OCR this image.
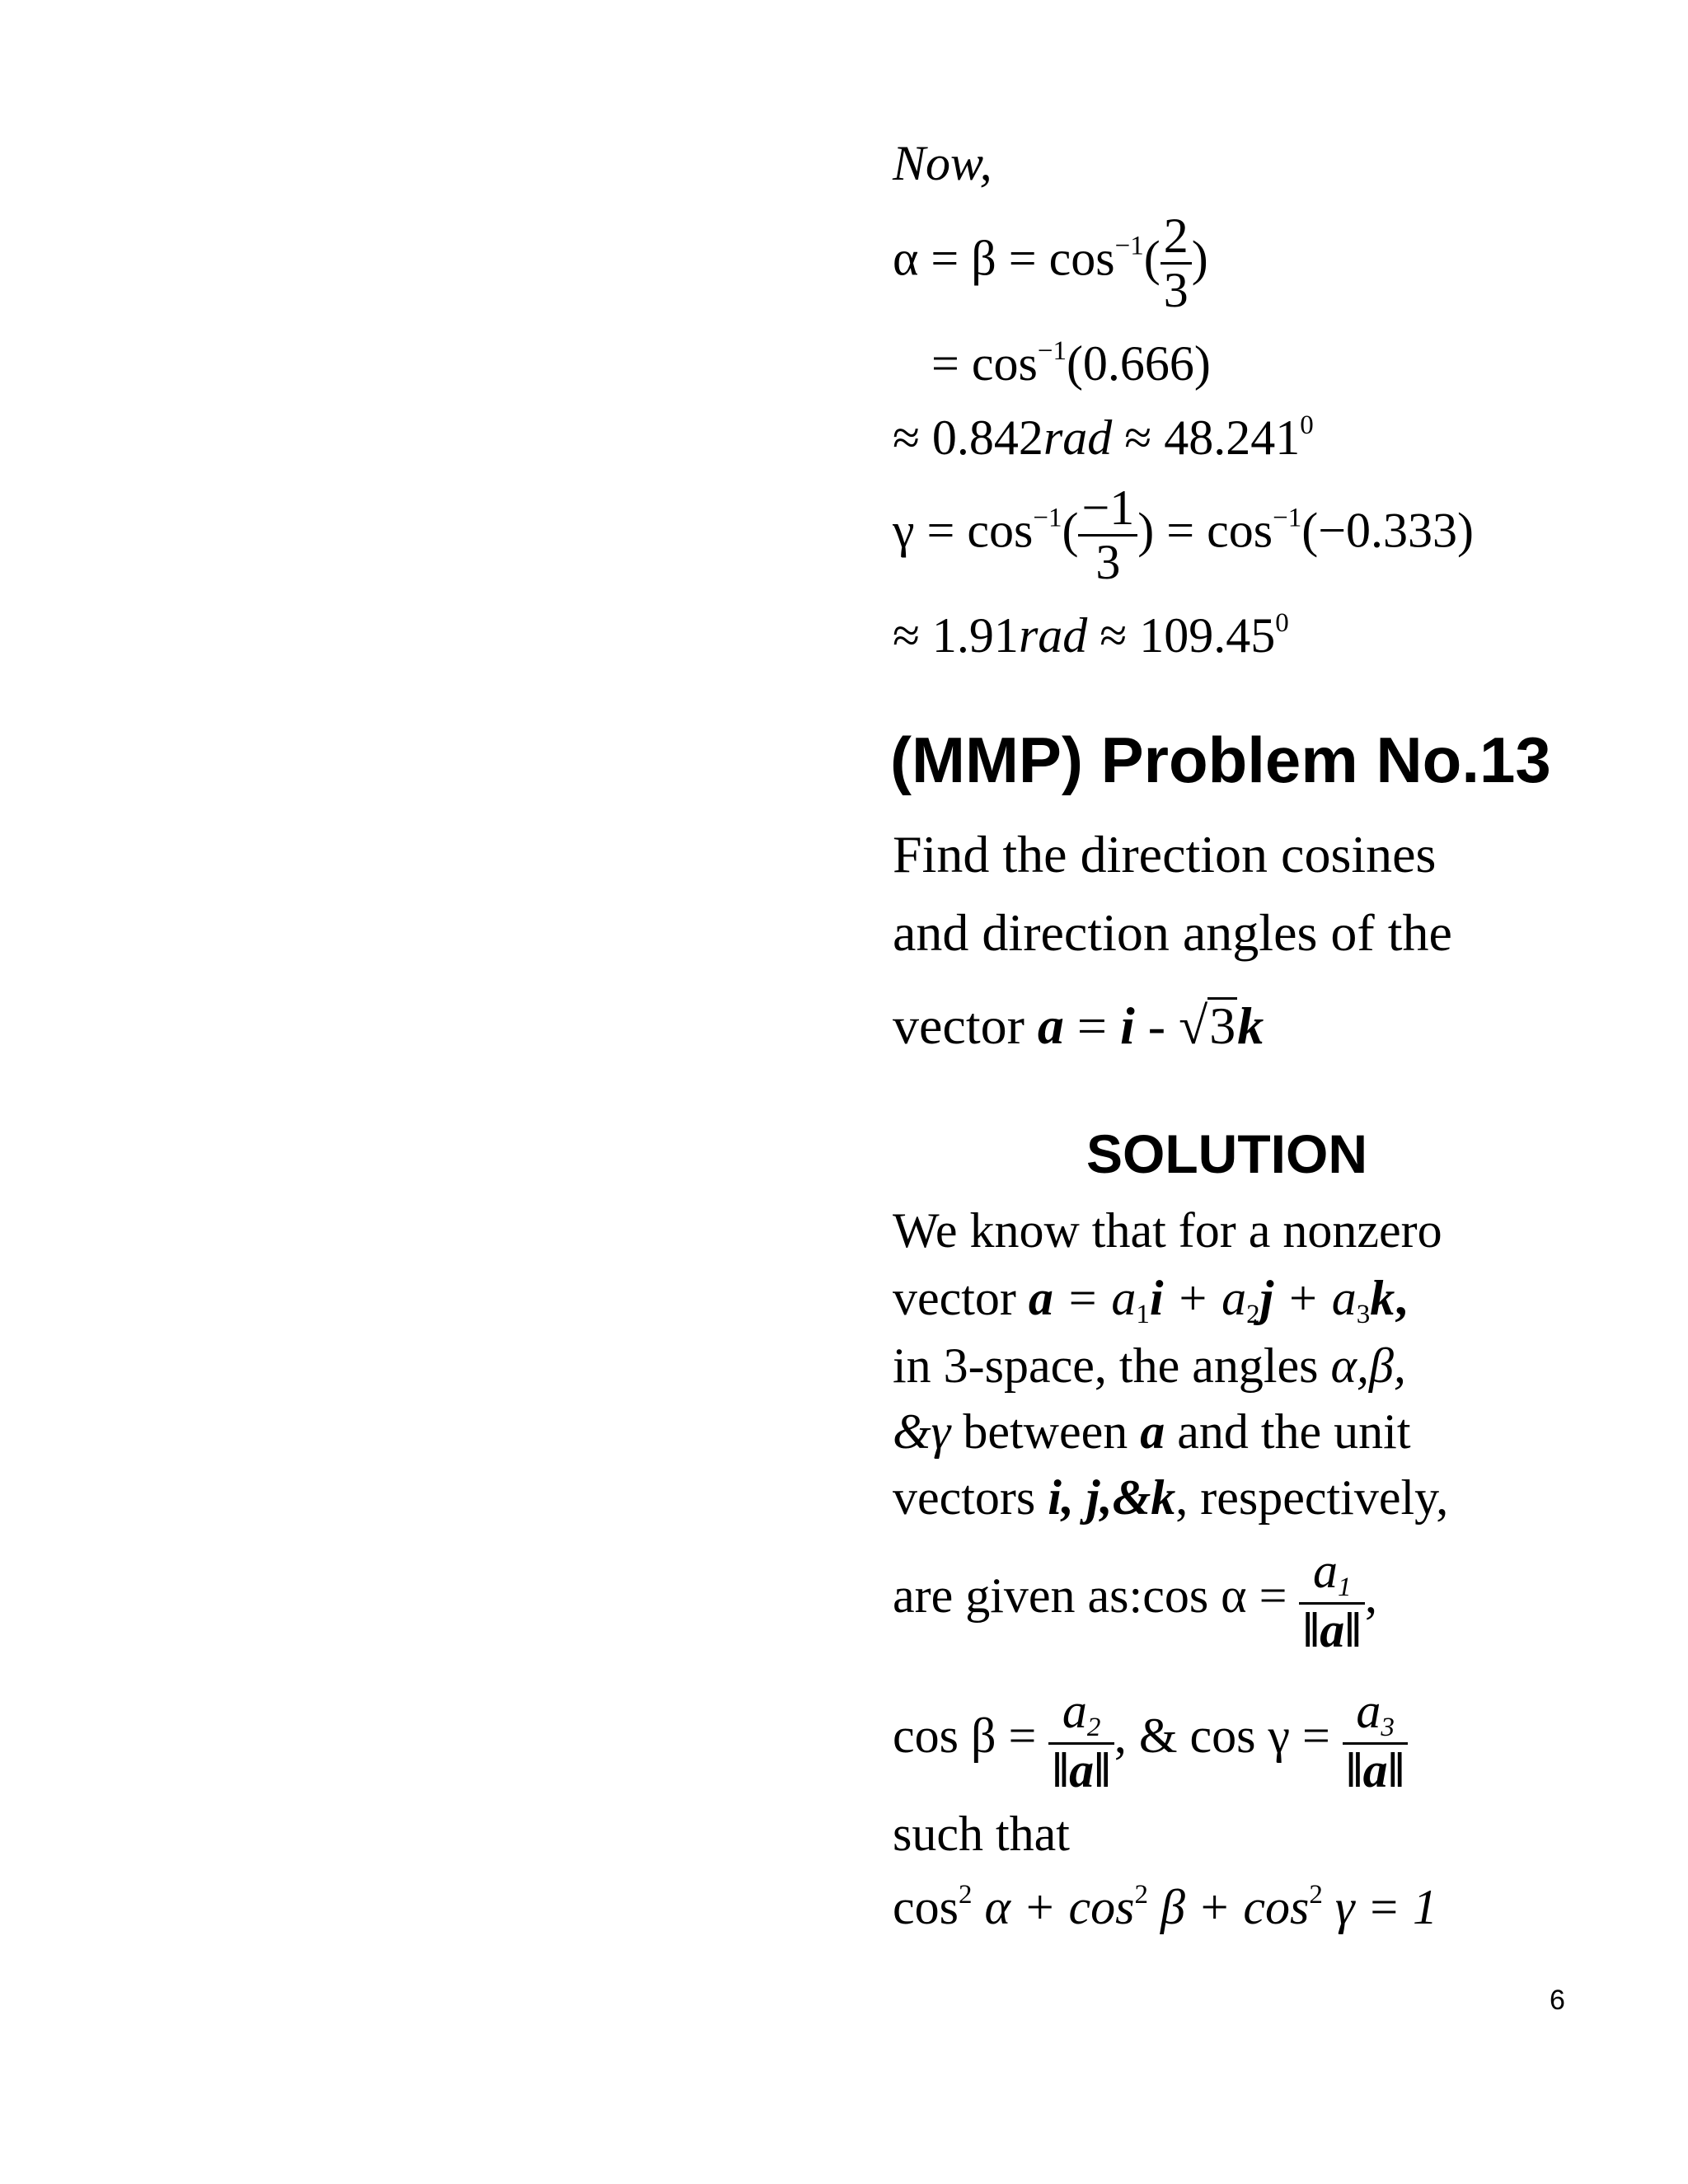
Now,
$\alpha = \beta = \cos^{-1}( \frac{2}{3}$ )
= $\cos^{-1}(0.666)$
≈ $0.842rad \approx 48.241^0$
$\gamma = \cos^{-1}( \frac{-1}{3}$ ) = $\cos^{-1}(-0.333)$
≈ $1.91rad \approx 109.45^0$
(MMP) Problem No.13
Find the direction cosines
and direction angles of the
vector a = i - √3k
SOLUTION
We know that for a nonzero
vector $a = a_1i + a_2j + a_3k$,
in 3-space, the angles α,β,
&γ between a and the unit
vectors i, j,&k, respectively,
are given as:cos $\alpha = \frac{a_1}{‖a‖}$ ,
$\cos \beta = \frac{a_2}{‖a‖}$ , & $\cos \gamma = \frac{a_3}{‖a‖}$
such that
$\cos^2 \alpha + \cos^2 \beta + \cos^2 \gamma = 1$
6
